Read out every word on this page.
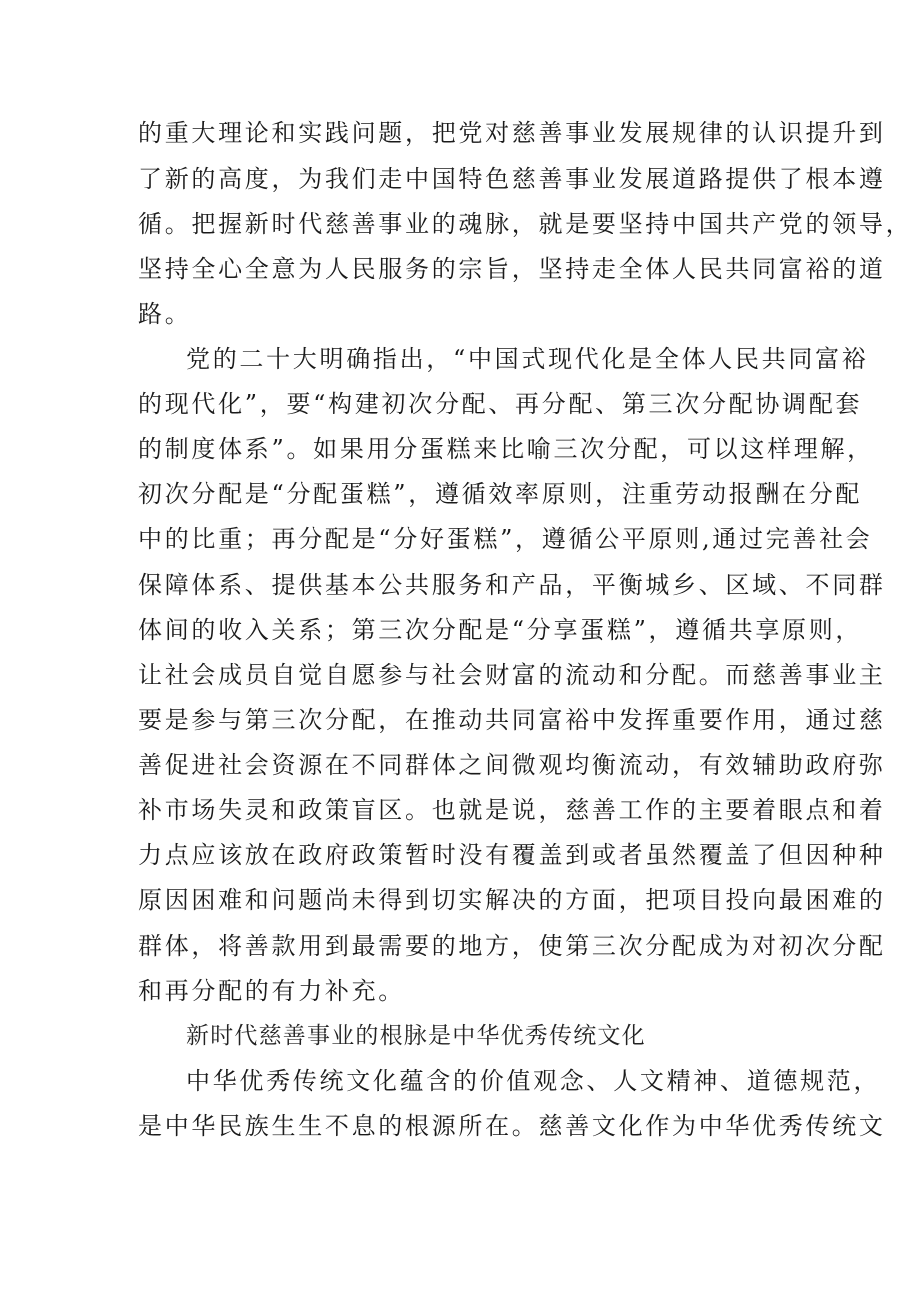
的重大理论和实践问题，把党对慈善事业发展规律的认识提升到
了新的高度，为我们走中国特色慈善事业发展道路提供了根本遵
循。把握新时代慈善事业的魂脉，就是要坚持中国共产党的领导，
坚持全心全意为人民服务的宗旨，坚持走全体人民共同富裕的道
路。
党的二十大明确指出，“中国式现代化是全体人民共同富裕
的现代化”，要“构建初次分配、再分配、第三次分配协调配套
的制度体系”。如果用分蛋糕来比喻三次分配，可以这样理解，
初次分配是“分配蛋糕”，遵循效率原则，注重劳动报酬在分配
中的比重；再分配是“分好蛋糕”，遵循公平原则,通过完善社会
保障体系、提供基本公共服务和产品，平衡城乡、区域、不同群
体间的收入关系；第三次分配是“分享蛋糕”，遵循共享原则，
让社会成员自觉自愿参与社会财富的流动和分配。而慈善事业主
要是参与第三次分配，在推动共同富裕中发挥重要作用，通过慈
善促进社会资源在不同群体之间微观均衡流动，有效辅助政府弥
补市场失灵和政策盲区。也就是说，慈善工作的主要着眼点和着
力点应该放在政府政策暂时没有覆盖到或者虽然覆盖了但因种种
原因困难和问题尚未得到切实解决的方面，把项目投向最困难的
群体，将善款用到最需要的地方，使第三次分配成为对初次分配
和再分配的有力补充。
新时代慈善事业的根脉是中华优秀传统文化
中华优秀传统文化蕴含的价值观念、人文精神、道德规范，
是中华民族生生不息的根源所在。慈善文化作为中华优秀传统文
